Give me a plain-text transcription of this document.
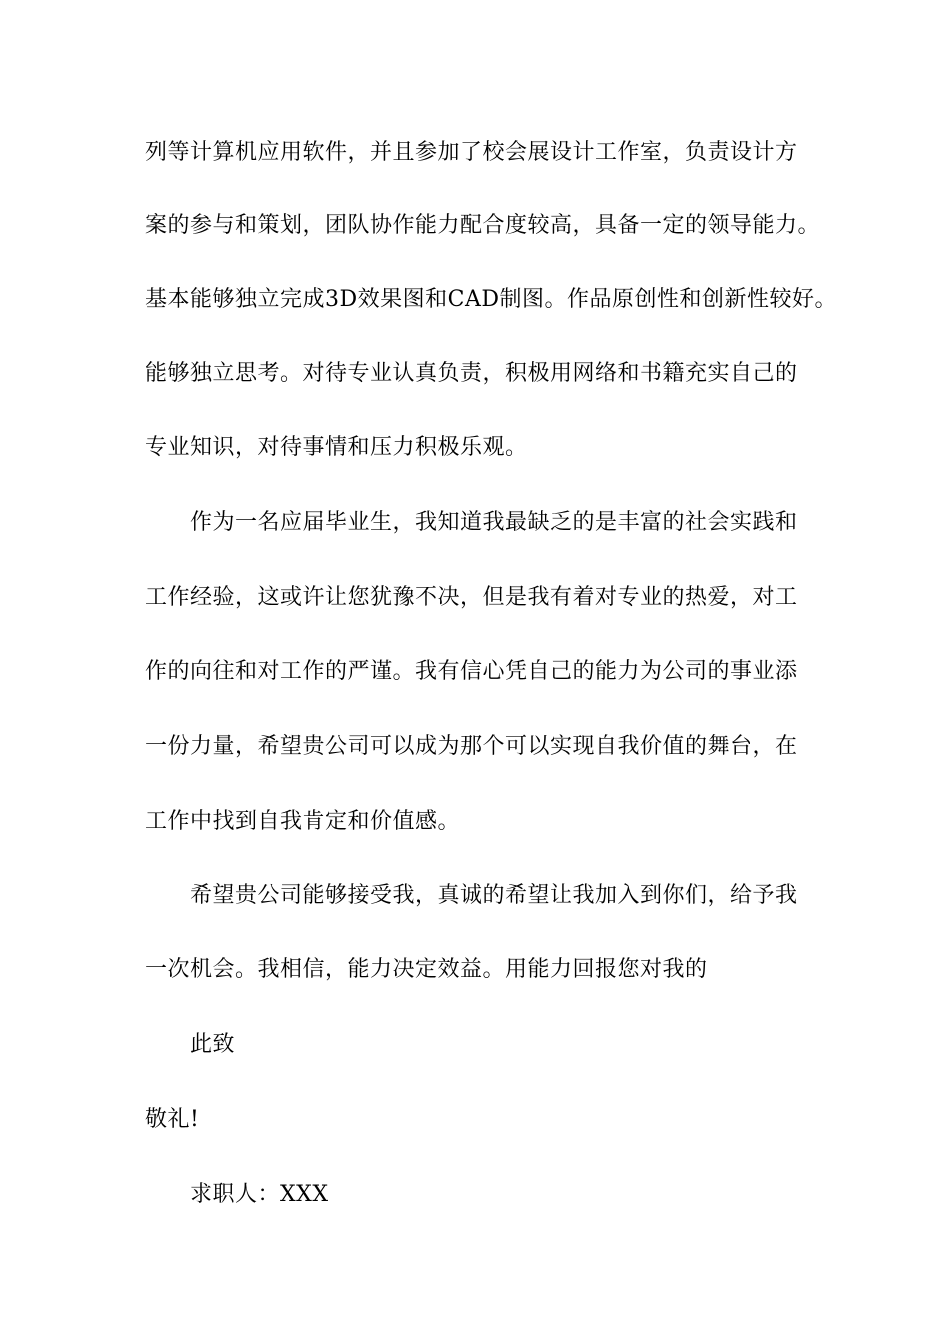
列等计算机应用软件，并且参加了校会展设计工作室，负责设计方
案的参与和策划，团队协作能力配合度较高，具备一定的领导能力。
基本能够独立完成3D效果图和CAD制图。作品原创性和创新性较好。
能够独立思考。对待专业认真负责，积极用网络和书籍充实自己的
专业知识，对待事情和压力积极乐观。
作为一名应届毕业生，我知道我最缺乏的是丰富的社会实践和
工作经验，这或许让您犹豫不决，但是我有着对专业的热爱，对工
作的向往和对工作的严谨。我有信心凭自己的能力为公司的事业添
一份力量，希望贵公司可以成为那个可以实现自我价值的舞台，在
工作中找到自我肯定和价值感。
希望贵公司能够接受我，真诚的希望让我加入到你们，给予我
一次机会。我相信，能力决定效益。用能力回报您对我的
此致
敬礼!
求职人：XXX
